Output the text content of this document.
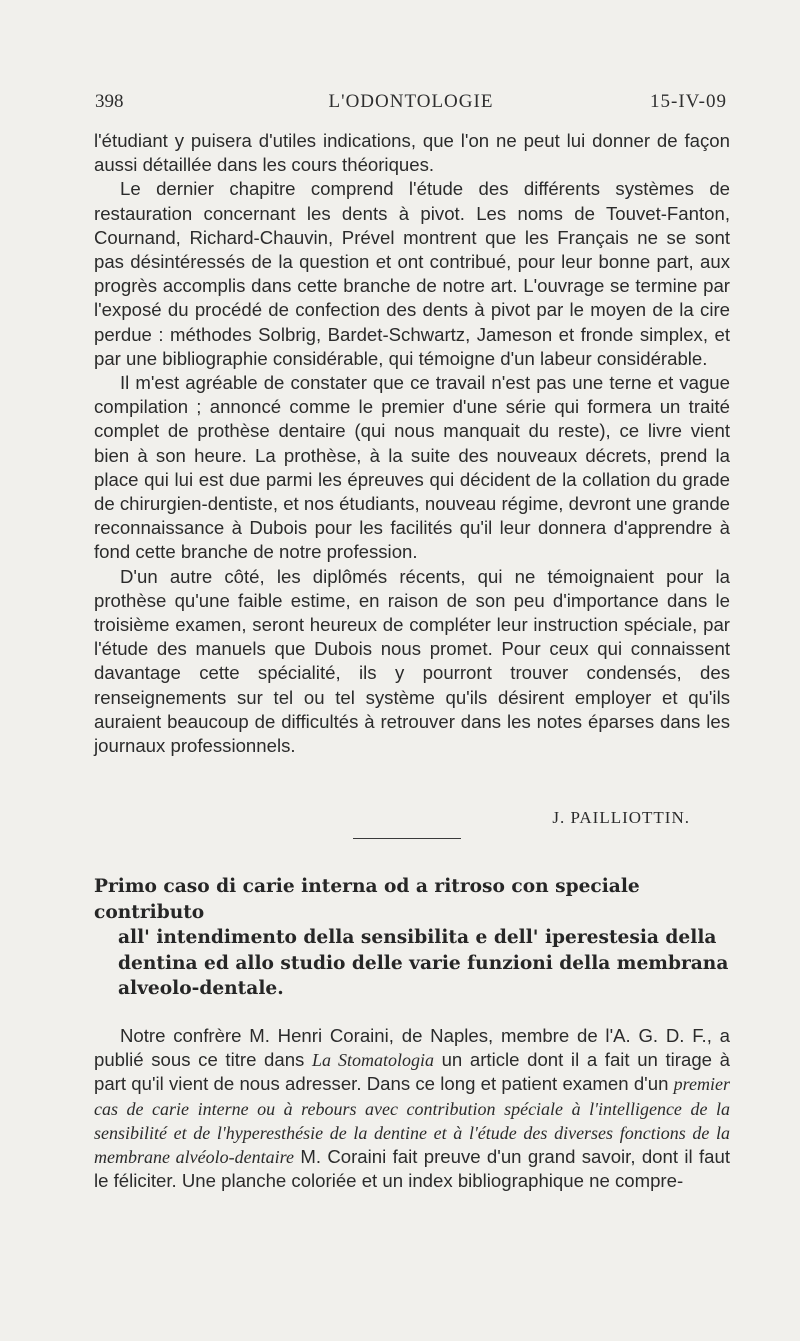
398	L'ODONTOLOGIE	15-IV-09

l'étudiant y puisera d'utiles indications, que l'on ne peut lui donner de façon aussi détaillée dans les cours théoriques.

Le dernier chapitre comprend l'étude des différents systèmes de restauration concernant les dents à pivot. Les noms de Touvet-Fanton, Cournand, Richard-Chauvin, Prével montrent que les Français ne se sont pas désintéressés de la question et ont contribué, pour leur bonne part, aux progrès accomplis dans cette branche de notre art. L'ouvrage se termine par l'exposé du procédé de confection des dents à pivot par le moyen de la cire perdue : méthodes Solbrig, Bardet-Schwartz, Jameson et fronde simplex, et par une bibliographie considérable, qui témoigne d'un labeur considérable.

Il m'est agréable de constater que ce travail n'est pas une terne et vague compilation ; annoncé comme le premier d'une série qui formera un traité complet de prothèse dentaire (qui nous manquait du reste), ce livre vient bien à son heure. La prothèse, à la suite des nouveaux décrets, prend la place qui lui est due parmi les épreuves qui décident de la collation du grade de chirurgien-dentiste, et nos étudiants, nouveau régime, devront une grande reconnaissance à Dubois pour les facilités qu'il leur donnera d'apprendre à fond cette branche de notre profession.

D'un autre côté, les diplômés récents, qui ne témoignaient pour la prothèse qu'une faible estime, en raison de son peu d'importance dans le troisième examen, seront heureux de compléter leur instruction spéciale, par l'étude des manuels que Dubois nous promet. Pour ceux qui connaissent davantage cette spécialité, ils y pourront trouver condensés, des renseignements sur tel ou tel système qu'ils désirent employer et qu'ils auraient beaucoup de difficultés à retrouver dans les notes éparses dans les journaux professionnels.

J. PAILLIOTTIN.
Primo caso di carie interna od a ritroso con speciale contributo
all' intendimento della sensibilita e dell' iperestesia della dentina ed allo studio delle varie funzioni della membrana alveolo-dentale.

Notre confrère M. Henri Coraini, de Naples, membre de l'A. G. D. F., a publié sous ce titre dans La Stomatologia un article dont il a fait un tirage à part qu'il vient de nous adresser. Dans ce long et patient examen d'un premier cas de carie interne ou à rebours avec contribution spéciale à l'intelligence de la sensibilité et de l'hyperesthésie de la dentine et à l'étude des diverses fonctions de la membrane alvéolo-dentaire M. Coraini fait preuve d'un grand savoir, dont il faut le féliciter. Une planche coloriée et un index bibliographique ne compre-
